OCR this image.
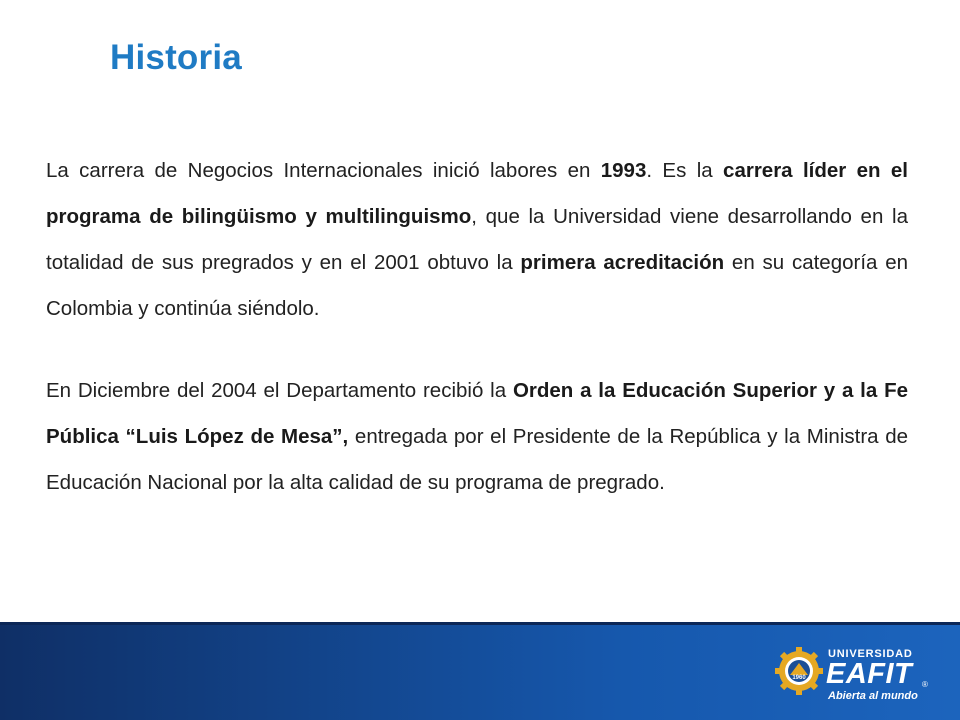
Historia

La carrera de Negocios Internacionales inició labores en 1993. Es la carrera líder en el programa de bilingüismo y multilinguismo, que la Universidad viene desarrollando en la totalidad de sus pregrados y en el 2001 obtuvo la primera acreditación en su categoría en Colombia y continúa siéndolo.

En Diciembre del 2004 el Departamento recibió la Orden a la Educación Superior y a la Fe Pública “Luis López de Mesa”, entregada por el Presidente de la República y la Ministra de Educación Nacional por la alta calidad de su programa de pregrado.

1960
UNIVERSIDAD
EAFIT ®
Abierta al mundo
